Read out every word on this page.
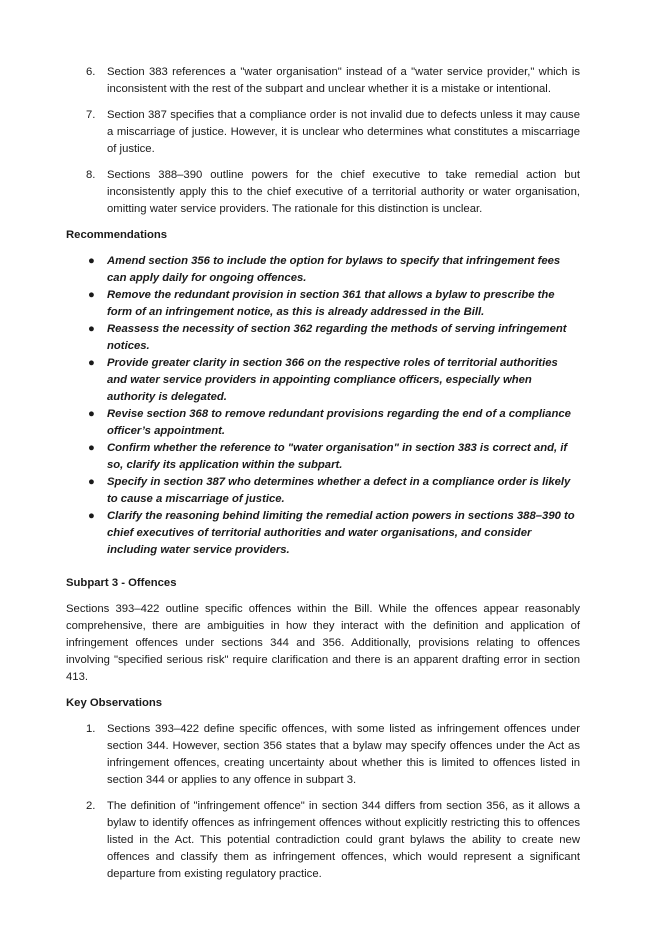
6. Section 383 references a "water organisation" instead of a "water service provider," which is inconsistent with the rest of the subpart and unclear whether it is a mistake or intentional.
7. Section 387 specifies that a compliance order is not invalid due to defects unless it may cause a miscarriage of justice. However, it is unclear who determines what constitutes a miscarriage of justice.
8. Sections 388–390 outline powers for the chief executive to take remedial action but inconsistently apply this to the chief executive of a territorial authority or water organisation, omitting water service providers. The rationale for this distinction is unclear.
Recommendations
● Amend section 356 to include the option for bylaws to specify that infringement fees can apply daily for ongoing offences.
● Remove the redundant provision in section 361 that allows a bylaw to prescribe the form of an infringement notice, as this is already addressed in the Bill.
● Reassess the necessity of section 362 regarding the methods of serving infringement notices.
● Provide greater clarity in section 366 on the respective roles of territorial authorities and water service providers in appointing compliance officers, especially when authority is delegated.
● Revise section 368 to remove redundant provisions regarding the end of a compliance officer’s appointment.
● Confirm whether the reference to "water organisation" in section 383 is correct and, if so, clarify its application within the subpart.
● Specify in section 387 who determines whether a defect in a compliance order is likely to cause a miscarriage of justice.
● Clarify the reasoning behind limiting the remedial action powers in sections 388–390 to chief executives of territorial authorities and water organisations, and consider including water service providers.
Subpart 3 - Offences

Sections 393–422 outline specific offences within the Bill. While the offences appear reasonably comprehensive, there are ambiguities in how they interact with the definition and application of infringement offences under sections 344 and 356. Additionally, provisions relating to offences involving "specified serious risk" require clarification and there is an apparent drafting error in section 413.

Key Observations
1. Sections 393–422 define specific offences, with some listed as infringement offences under section 344. However, section 356 states that a bylaw may specify offences under the Act as infringement offences, creating uncertainty about whether this is limited to offences listed in section 344 or applies to any offence in subpart 3.
2. The definition of "infringement offence" in section 344 differs from section 356, as it allows a bylaw to identify offences as infringement offences without explicitly restricting this to offences listed in the Act. This potential contradiction could grant bylaws the ability to create new offences and classify them as infringement offences, which would represent a significant departure from existing regulatory practice.
